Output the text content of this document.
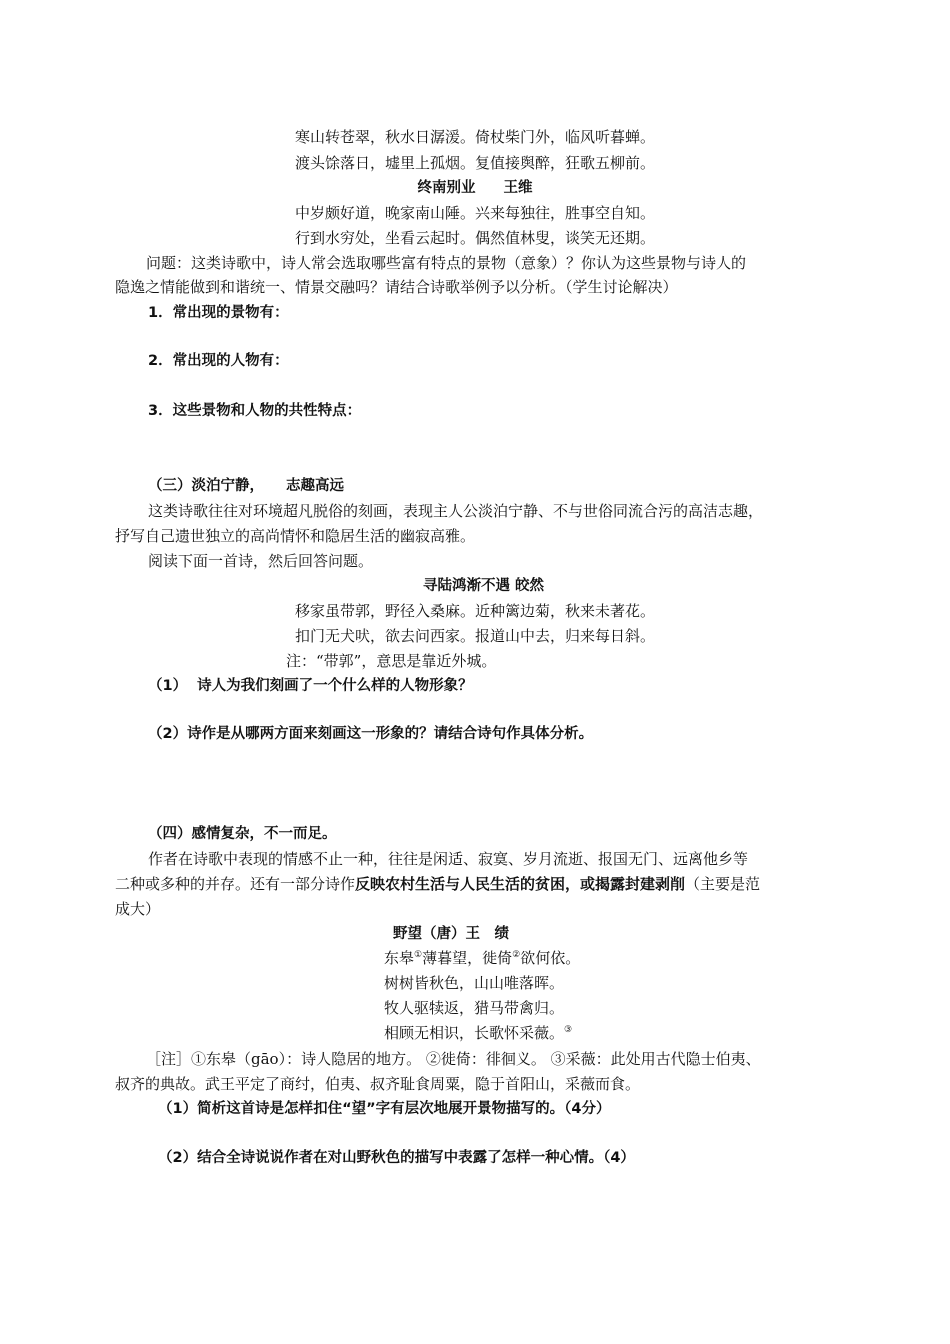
寒山转苍翠，秋水日潺湲。倚杖柴门外，临风听暮蝉。
渡头馀落日，墟里上孤烟。复值接舆醉，狂歌五柳前。
终南别业 王维
中岁颇好道，晚家南山陲。兴来每独往，胜事空自知。
行到水穷处，坐看云起时。偶然值林叟，谈笑无还期。
问题：这类诗歌中，诗人常会选取哪些富有特点的景物（意象）？你认为这些景物与诗人的
隐逸之情能做到和谐统一、情景交融吗？请结合诗歌举例予以分析。（学生讨论解决）
1．常出现的景物有：
2．常出现的人物有：
3．这些景物和人物的共性特点：
（三）淡泊宁静， 志趣高远
这类诗歌往往对环境超凡脱俗的刻画，表现主人公淡泊宁静、不与世俗同流合污的高洁志趣，
抒写自己遗世独立的高尚情怀和隐居生活的幽寂高雅。
阅读下面一首诗，然后回答问题。
寻陆鸿渐不遇 皎然
移家虽带郭，野径入桑麻。近种篱边菊，秋来未著花。
扣门无犬吠，欲去问西家。报道山中去，归来每日斜。
注：“带郭”，意思是靠近外城。
（1）  诗人为我们刻画了一个什么样的人物形象？
（2）诗作是从哪两方面来刻画这一形象的？请结合诗句作具体分析。
（四）感情复杂，不一而足。
作者在诗歌中表现的情感不止一种，往往是闲适、寂寞、岁月流逝、报国无门、远离他乡等
二种或多种的并存。还有一部分诗作反映农村生活与人民生活的贫困，或揭露封建剥削（主要是范
成大）
野望（唐）王　绩
东皋①薄暮望，徙倚②欲何依。
树树皆秋色，山山唯落晖。
牧人驱犊返，猎马带禽归。
相顾无相识，长歌怀采薇。③
［注］①东皋（gāo）：诗人隐居的地方。 ②徙倚：徘徊义。 ③采薇：此处用古代隐士伯夷、
叔齐的典故。武王平定了商纣，伯夷、叔齐耻食周粟，隐于首阳山，采薇而食。
（1）简析这首诗是怎样扣住“望”字有层次地展开景物描写的。（4分）
（2）结合全诗说说作者在对山野秋色的描写中表露了怎样一种心情。（4）
